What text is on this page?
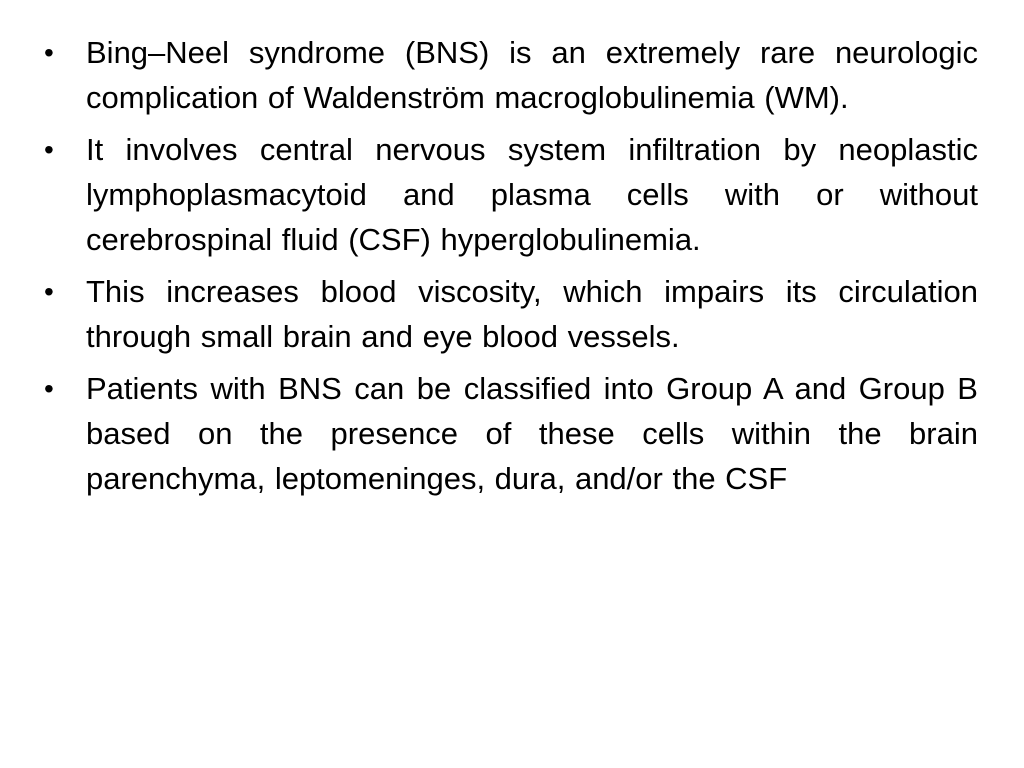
•	Bing–Neel syndrome (BNS) is an extremely rare neurologic complication of Waldenström macroglobulinemia (WM).
•	It involves central nervous system infiltration by neoplastic lymphoplasmacytoid and plasma cells with or without cerebrospinal fluid (CSF) hyperglobulinemia.
•	This increases blood viscosity, which impairs its circulation through small brain and eye blood vessels.
•	Patients with BNS can be classified into Group A and Group B based on the presence of these cells within the brain parenchyma, leptomeninges, dura, and/or the CSF
